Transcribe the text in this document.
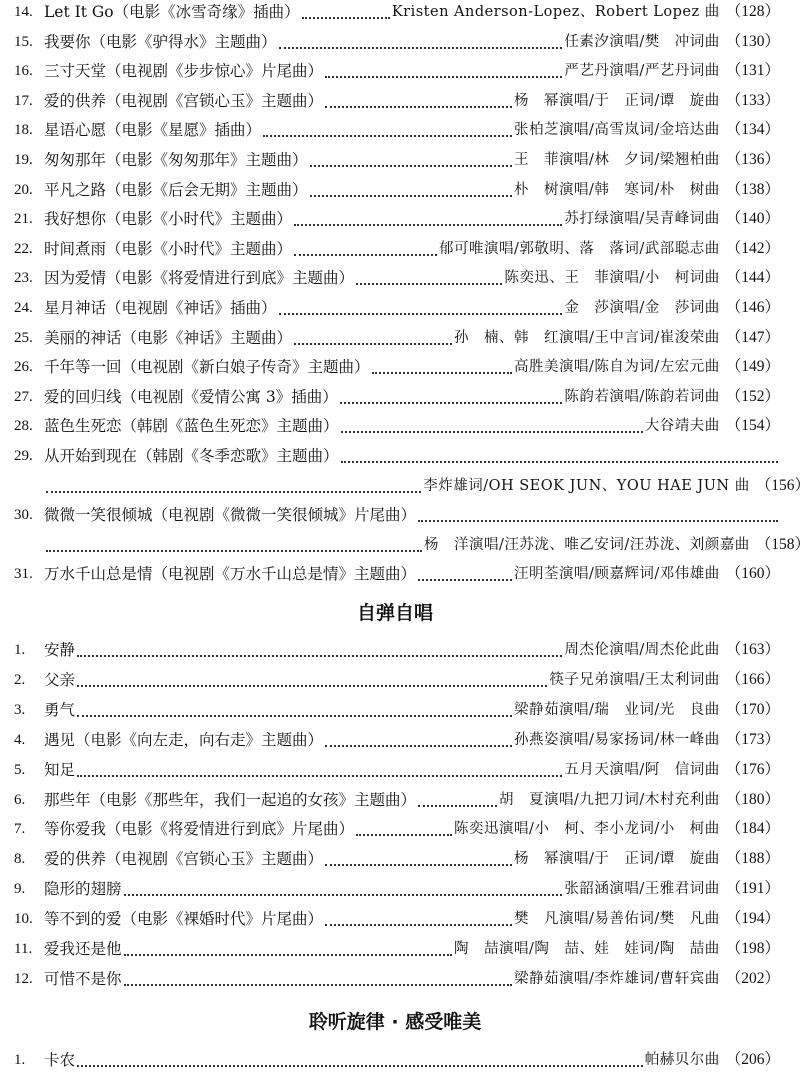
14. Let It Go（电影《冰雪奇缘》插曲）	Kristen Anderson-Lopez、Robert Lopez 曲 （128）
15. 我要你（电影《驴得水》主题曲）	任素汐演唱/樊　冲词曲 （130）
16. 三寸天堂（电视剧《步步惊心》片尾曲）	严艺丹演唱/严艺丹词曲 （131）
17. 爱的供养（电视剧《宫锁心玉》主题曲）	杨　幂演唱/于　正词/谭　旋曲 （133）
18. 星语心愿（电影《星愿》插曲）	张柏芝演唱/高雪岚词/金培达曲 （134）
19. 匆匆那年（电影《匆匆那年》主题曲）	王　菲演唱/林　夕词/梁翘柏曲 （136）
20. 平凡之路（电影《后会无期》主题曲）	朴　树演唱/韩　寒词/朴　树曲 （138）
21. 我好想你（电影《小时代》主题曲）	苏打绿演唱/吴青峰词曲 （140）
22. 时间煮雨（电影《小时代》主题曲）	郁可唯演唱/郭敬明、落　落词/武部聪志曲 （142）
23. 因为爱情（电影《将爱情进行到底》主题曲）	陈奕迅、王　菲演唱/小　柯词曲 （144）
24. 星月神话（电视剧《神话》插曲）	金　莎演唱/金　莎词曲 （146）
25. 美丽的神话（电影《神话》主题曲）	孙　楠、韩　红演唱/王中言词/崔浚荣曲 （147）
26. 千年等一回（电视剧《新白娘子传奇》主题曲）	高胜美演唱/陈自为词/左宏元曲 （149）
27. 爱的回归线（电视剧《爱情公寓 3》插曲）	陈韵若演唱/陈韵若词曲 （152）
28. 蓝色生死恋（韩剧《蓝色生死恋》主题曲）	大谷靖夫曲 （154）
29. 从开始到现在（韩剧《冬季恋歌》主题曲）
李炸雄词/OH SEOK JUN、YOU HAE JUN 曲 （156）
30. 微微一笑很倾城（电视剧《微微一笑很倾城》片尾曲）
杨　洋演唱/汪苏泷、唯乙安词/汪苏泷、刘颜嘉曲 （158）
31. 万水千山总是情（电视剧《万水千山总是情》主题曲）	汪明荃演唱/顾嘉辉词/邓伟雄曲 （160）
自弹自唱
1.	安静	周杰伦演唱/周杰伦此曲 （163）
2.	父亲	筷子兄弟演唱/王太利词曲 （166）
3.	勇气	梁静茹演唱/瑞　业词/光　良曲 （170）
4.	遇见（电影《向左走，向右走》主题曲）	孙燕姿演唱/易家扬词/林一峰曲 （173）
5.	知足	五月天演唱/阿　信词曲 （176）
6.	那些年（电影《那些年，我们一起追的女孩》主题曲）	胡　夏演唱/九把刀词/木村充利曲 （180）
7.	等你爱我（电影《将爱情进行到底》片尾曲）	陈奕迅演唱/小　柯、李小龙词/小　柯曲 （184）
8.	爱的供养（电视剧《宫锁心玉》主题曲）	杨　幂演唱/于　正词/谭　旋曲 （188）
9.	隐形的翅膀	张韶涵演唱/王雅君词曲 （191）
10. 等不到的爱（电影《裸婚时代》片尾曲）	樊　凡演唱/易善佑词/樊　凡曲 （194）
11. 爱我还是他	陶　喆演唱/陶　喆、娃　娃词/陶　喆曲 （198）
12. 可惜不是你	梁静茹演唱/李炸雄词/曹轩宾曲 （202）
聆听旋律 · 感受唯美
1.	卡农	帕赫贝尔曲 （206）
